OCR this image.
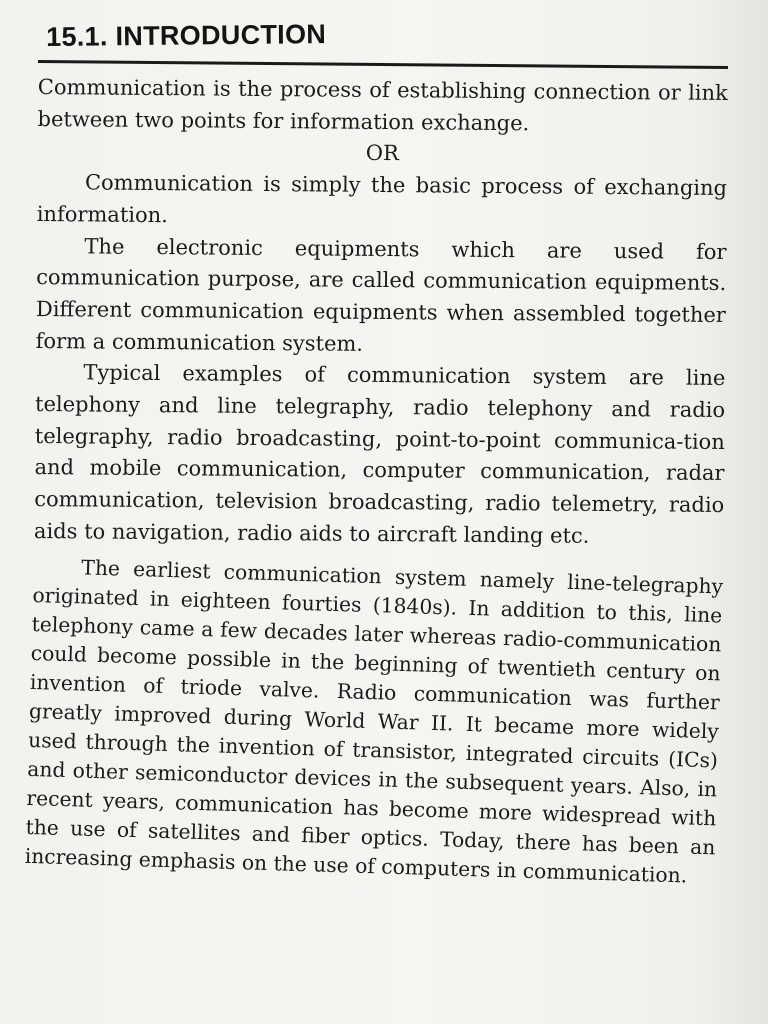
15.1. INTRODUCTION

Communication is the process of establishing connection or link between two points for information exchange.

OR

Communication is simply the basic process of exchanging information.

The electronic equipments which are used for communication purpose, are called communication equipments. Different communication equipments when assembled together form a communication system.

Typical examples of communication system are line telephony and line telegraphy, radio telephony and radio telegraphy, radio broadcasting, point-to-point communica-tion and mobile communication, computer communication, radar communication, television broadcasting, radio telemetry, radio aids to navigation, radio aids to aircraft landing etc.

The earliest communication system namely line-telegraphy originated in eighteen fourties (1840s). In addition to this, line telephony came a few decades later whereas radio-communication could become possible in the beginning of twentieth century on invention of triode valve. Radio communication was further greatly improved during World War II. It became more widely used through the invention of transistor, integrated circuits (ICs) and other semiconductor devices in the subsequent years. Also, in recent years, communication has become more widespread with the use of satellites and fiber optics. Today, there has been an increasing emphasis on the use of computers in communication.
